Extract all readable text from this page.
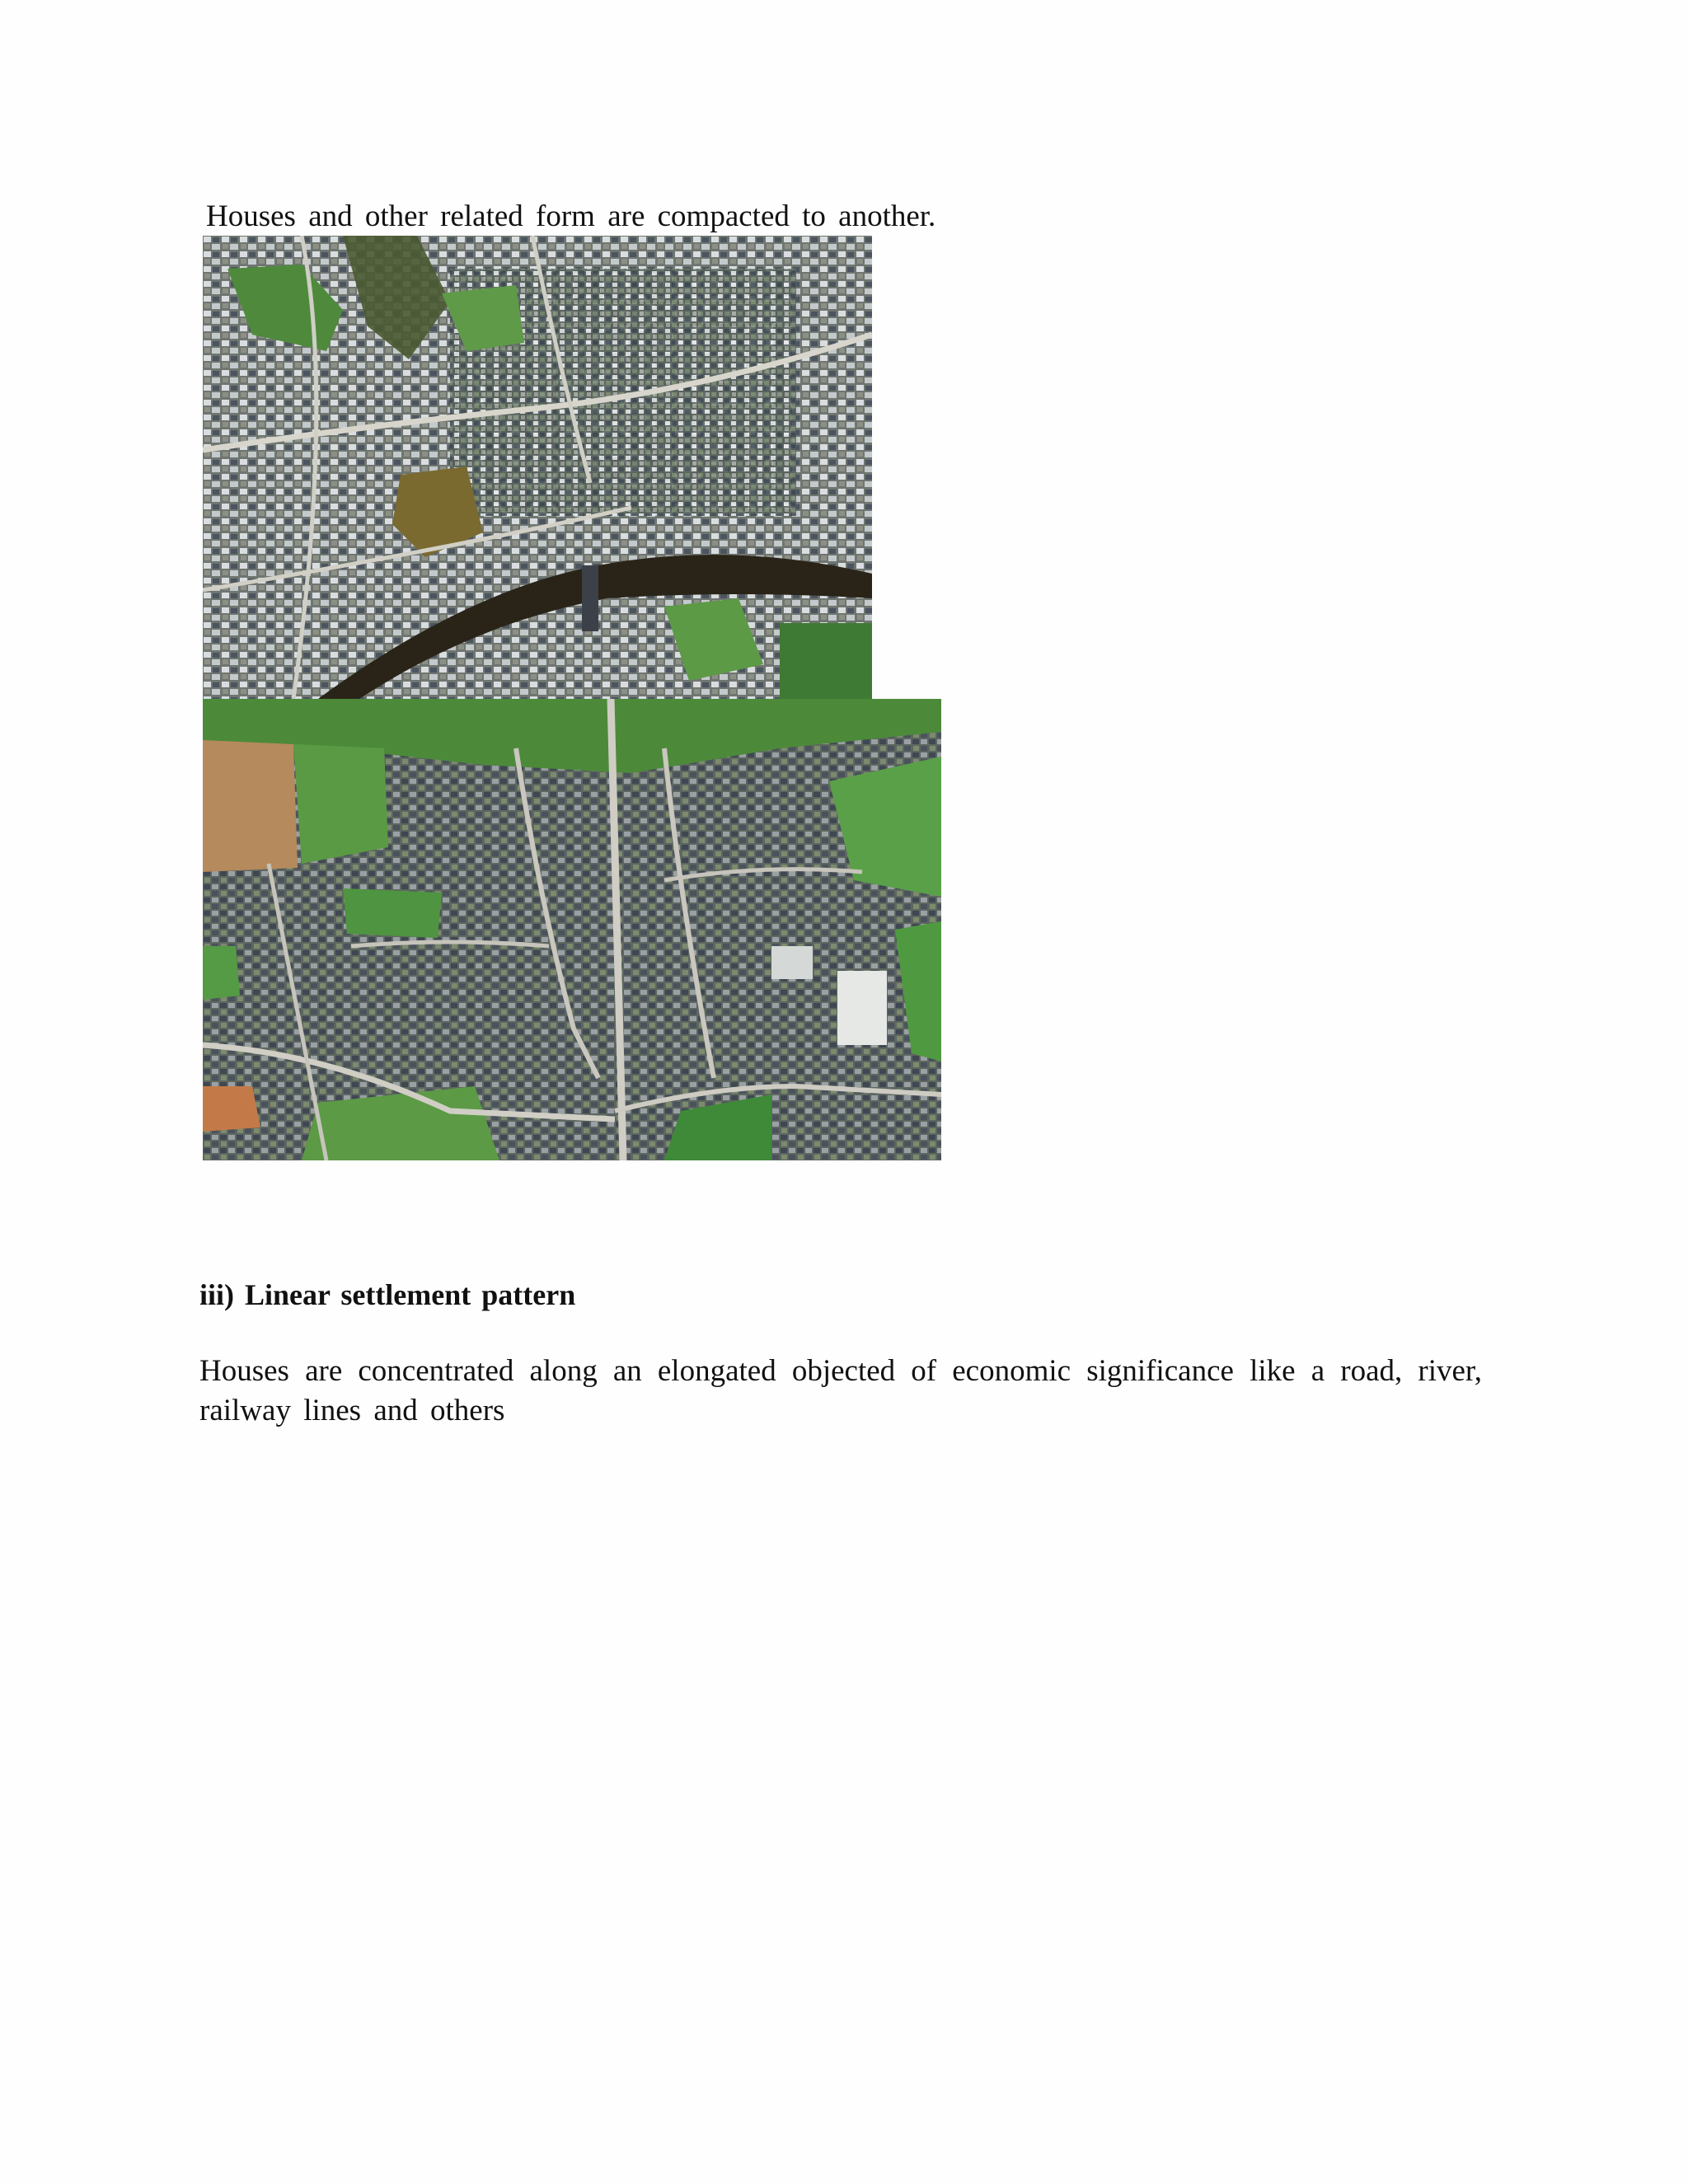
Houses and other related form are compacted to another.
iii) Linear settlement pattern
Houses are concentrated along an elongated objected of economic significance like a road, river, railway lines and others
